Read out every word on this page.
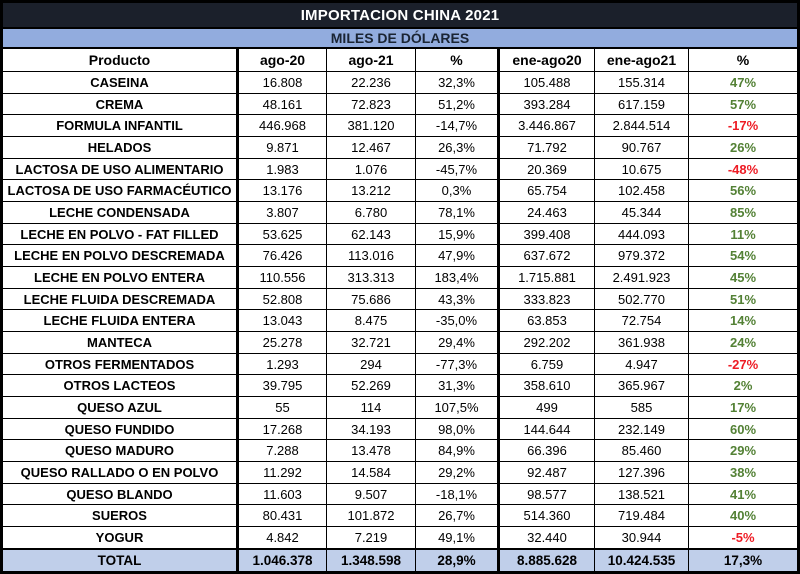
IMPORTACION CHINA 2021						
MILES DE DÓLARES						
Producto	ago-20	ago-21	%	ene-ago20	ene-ago21	%
CASEINA	16.808	22.236	32,3%	105.488	155.314	47%
CREMA	48.161	72.823	51,2%	393.284	617.159	57%
FORMULA INFANTIL	446.968	381.120	-14,7%	3.446.867	2.844.514	-17%
HELADOS	9.871	12.467	26,3%	71.792	90.767	26%
LACTOSA DE USO ALIMENTARIO	1.983	1.076	-45,7%	20.369	10.675	-48%
LACTOSA DE USO FARMACÉUTICO	13.176	13.212	0,3%	65.754	102.458	56%
LECHE CONDENSADA	3.807	6.780	78,1%	24.463	45.344	85%
LECHE EN POLVO - FAT FILLED	53.625	62.143	15,9%	399.408	444.093	11%
LECHE EN POLVO DESCREMADA	76.426	113.016	47,9%	637.672	979.372	54%
LECHE EN POLVO ENTERA	110.556	313.313	183,4%	1.715.881	2.491.923	45%
LECHE FLUIDA DESCREMADA	52.808	75.686	43,3%	333.823	502.770	51%
LECHE FLUIDA ENTERA	13.043	8.475	-35,0%	63.853	72.754	14%
MANTECA	25.278	32.721	29,4%	292.202	361.938	24%
OTROS FERMENTADOS	1.293	294	-77,3%	6.759	4.947	-27%
OTROS LACTEOS	39.795	52.269	31,3%	358.610	365.967	2%
QUESO AZUL	55	114	107,5%	499	585	17%
QUESO FUNDIDO	17.268	34.193	98,0%	144.644	232.149	60%
QUESO MADURO	7.288	13.478	84,9%	66.396	85.460	29%
QUESO RALLADO O EN POLVO	11.292	14.584	29,2%	92.487	127.396	38%
QUESO BLANDO	11.603	9.507	-18,1%	98.577	138.521	41%
SUEROS	80.431	101.872	26,7%	514.360	719.484	40%
YOGUR	4.842	7.219	49,1%	32.440	30.944	-5%
TOTAL	1.046.378	1.348.598	28,9%	8.885.628	10.424.535	17,3%
